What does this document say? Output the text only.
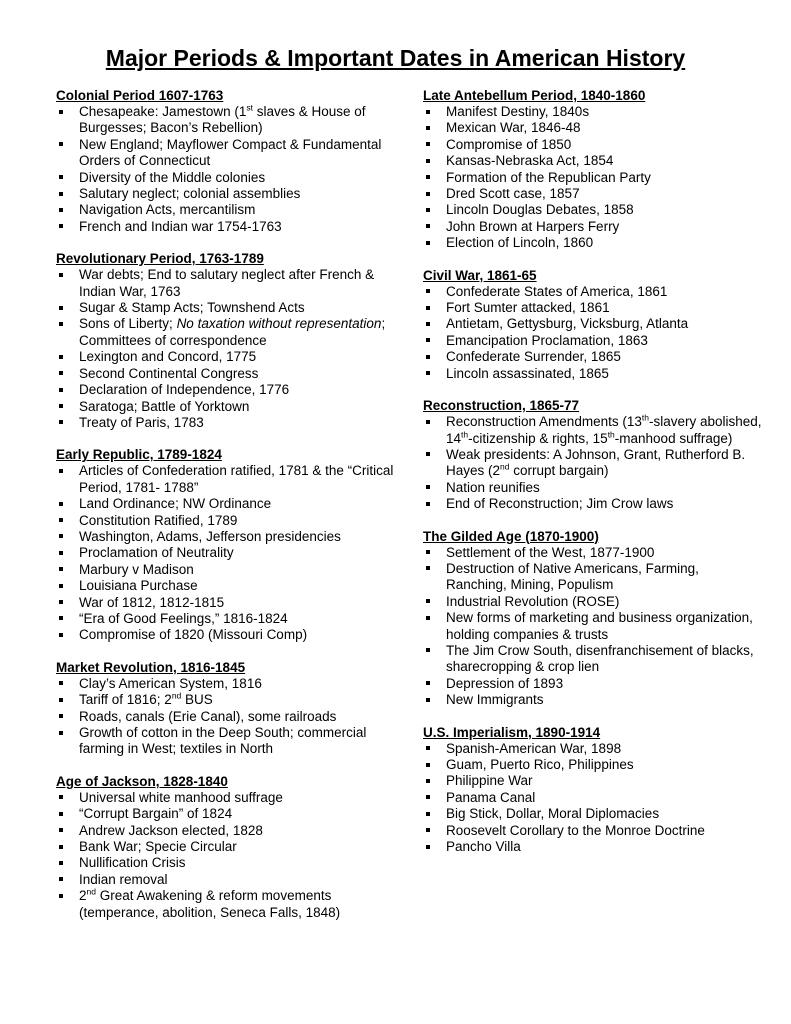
Major Periods & Important Dates in American History
Colonial Period 1607-1763
Chesapeake: Jamestown (1st slaves & House of Burgesses; Bacon’s Rebellion)
New England; Mayflower Compact & Fundamental Orders of Connecticut
Diversity of the Middle colonies
Salutary neglect; colonial assemblies
Navigation Acts, mercantilism
French and Indian war 1754-1763
Revolutionary Period, 1763-1789
War debts; End to salutary neglect after French & Indian War, 1763
Sugar & Stamp Acts; Townshend Acts
Sons of Liberty; No taxation without representation; Committees of correspondence
Lexington and Concord, 1775
Second Continental Congress
Declaration of Independence, 1776
Saratoga; Battle of Yorktown
Treaty of Paris, 1783
Early Republic, 1789-1824
Articles of Confederation ratified, 1781 & the “Critical Period, 1781- 1788”
Land Ordinance; NW Ordinance
Constitution Ratified, 1789
Washington, Adams, Jefferson presidencies
Proclamation of Neutrality
Marbury v Madison
Louisiana Purchase
War of 1812, 1812-1815
“Era of Good Feelings,” 1816-1824
Compromise of 1820 (Missouri Comp)
Market Revolution, 1816-1845
Clay’s American System, 1816
Tariff of 1816; 2nd BUS
Roads, canals (Erie Canal), some railroads
Growth of cotton in the Deep South; commercial farming in West; textiles in North
Age of Jackson, 1828-1840
Universal white manhood suffrage
“Corrupt Bargain” of 1824
Andrew Jackson elected, 1828
Bank War; Specie Circular
Nullification Crisis
Indian removal
2nd Great Awakening & reform movements (temperance, abolition, Seneca Falls, 1848)
Late Antebellum Period, 1840-1860
Manifest Destiny, 1840s
Mexican War, 1846-48
Compromise of 1850
Kansas-Nebraska Act, 1854
Formation of the Republican Party
Dred Scott case, 1857
Lincoln Douglas Debates, 1858
John Brown at Harpers Ferry
Election of Lincoln, 1860
Civil War, 1861-65
Confederate States of America, 1861
Fort Sumter attacked, 1861
Antietam, Gettysburg, Vicksburg, Atlanta
Emancipation Proclamation, 1863
Confederate Surrender, 1865
Lincoln assassinated, 1865
Reconstruction, 1865-77
Reconstruction Amendments (13th-slavery abolished, 14th-citizenship & rights, 15th-manhood suffrage)
Weak presidents: A Johnson, Grant, Rutherford B. Hayes (2nd corrupt bargain)
Nation reunifies
End of Reconstruction; Jim Crow laws
The Gilded Age (1870-1900)
Settlement of the West, 1877-1900
Destruction of Native Americans, Farming, Ranching, Mining, Populism
Industrial Revolution (ROSE)
New forms of marketing and business organization, holding companies & trusts
The Jim Crow South, disenfranchisement of blacks, sharecropping & crop lien
Depression of 1893
New Immigrants
U.S. Imperialism, 1890-1914
Spanish-American War, 1898
Guam, Puerto Rico, Philippines
Philippine War
Panama Canal
Big Stick, Dollar, Moral Diplomacies
Roosevelt Corollary to the Monroe Doctrine
Pancho Villa
